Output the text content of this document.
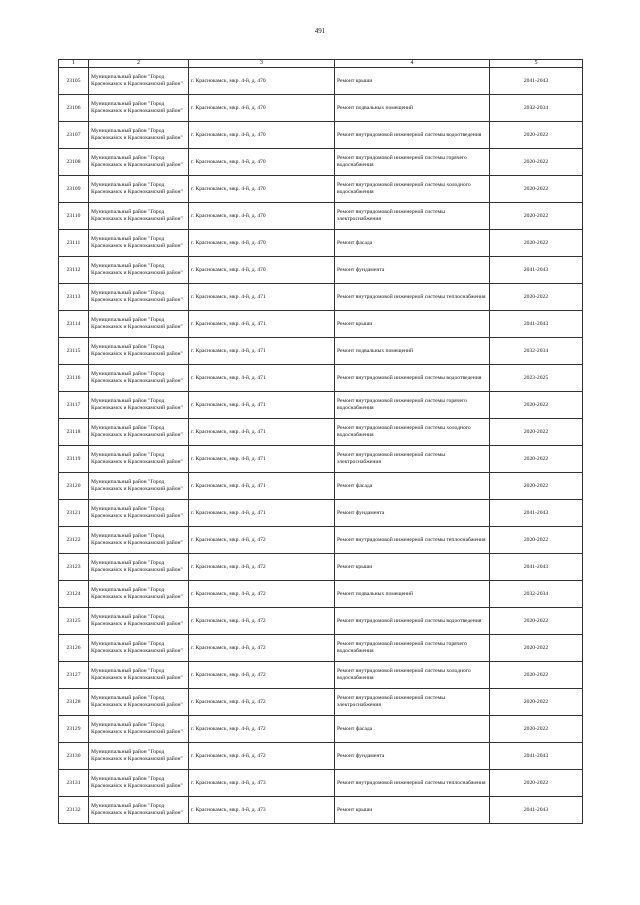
491
1	2	3	4	5
23105	Муниципальный район "Город Краснокамск и Краснокамский район"	г. Краснокамск, мкр. 4-й, д. 470	Ремонт крыши	2041-2043
23106	Муниципальный район "Город Краснокамск и Краснокамский район"	г. Краснокамск, мкр. 4-й, д. 470	Ремонт подвальных помещений	2032-2034
23107	Муниципальный район "Город Краснокамск и Краснокамский район"	г. Краснокамск, мкр. 4-й, д. 470	Ремонт внутридомовой инженерной системы водоотведения	2020-2022
23108	Муниципальный район "Город Краснокамск и Краснокамский район"	г. Краснокамск, мкр. 4-й, д. 470	Ремонт внутридомовой инженерной системы горячего водоснабжения	2020-2022
23109	Муниципальный район "Город Краснокамск и Краснокамский район"	г. Краснокамск, мкр. 4-й, д. 470	Ремонт внутридомовой инженерной системы холодного водоснабжения	2020-2022
23110	Муниципальный район "Город Краснокамск и Краснокамский район"	г. Краснокамск, мкр. 4-й, д. 470	Ремонт внутридомовой инженерной системы электроснабжения	2020-2022
23111	Муниципальный район "Город Краснокамск и Краснокамский район"	г. Краснокамск, мкр. 4-й, д. 470	Ремонт фасада	2020-2022
23112	Муниципальный район "Город Краснокамск и Краснокамский район"	г. Краснокамск, мкр. 4-й, д. 470	Ремонт фундамента	2041-2043
23113	Муниципальный район "Город Краснокамск и Краснокамский район"	г. Краснокамск, мкр. 4-й, д. 471	Ремонт внутридомовой инженерной системы теплоснабжения	2020-2022
23114	Муниципальный район "Город Краснокамск и Краснокамский район"	г. Краснокамск, мкр. 4-й, д. 471	Ремонт крыши	2041-2043
23115	Муниципальный район "Город Краснокамск и Краснокамский район"	г. Краснокамск, мкр. 4-й, д. 471	Ремонт подвальных помещений	2032-2034
23116	Муниципальный район "Город Краснокамск и Краснокамский район"	г. Краснокамск, мкр. 4-й, д. 471	Ремонт внутридомовой инженерной системы водоотведения	2023-2025
23117	Муниципальный район "Город Краснокамск и Краснокамский район"	г. Краснокамск, мкр. 4-й, д. 471	Ремонт внутридомовой инженерной системы горячего водоснабжения	2020-2022
23118	Муниципальный район "Город Краснокамск и Краснокамский район"	г. Краснокамск, мкр. 4-й, д. 471	Ремонт внутридомовой инженерной системы холодного водоснабжения	2020-2022
23119	Муниципальный район "Город Краснокамск и Краснокамский район"	г. Краснокамск, мкр. 4-й, д. 471	Ремонт внутридомовой инженерной системы электроснабжения	2020-2022
23120	Муниципальный район "Город Краснокамск и Краснокамский район"	г. Краснокамск, мкр. 4-й, д. 471	Ремонт фасада	2020-2022
23121	Муниципальный район "Город Краснокамск и Краснокамский район"	г. Краснокамск, мкр. 4-й, д. 471	Ремонт фундамента	2041-2043
23122	Муниципальный район "Город Краснокамск и Краснокамский район"	г. Краснокамск, мкр. 4-й, д. 472	Ремонт внутридомовой инженерной системы теплоснабжения	2020-2022
23123	Муниципальный район "Город Краснокамск и Краснокамский район"	г. Краснокамск, мкр. 4-й, д. 472	Ремонт крыши	2041-2043
23124	Муниципальный район "Город Краснокамск и Краснокамский район"	г. Краснокамск, мкр. 4-й, д. 472	Ремонт подвальных помещений	2032-2034
23125	Муниципальный район "Город Краснокамск и Краснокамский район"	г. Краснокамск, мкр. 4-й, д. 472	Ремонт внутридомовой инженерной системы водоотведения	2020-2022
23126	Муниципальный район "Город Краснокамск и Краснокамский район"	г. Краснокамск, мкр. 4-й, д. 472	Ремонт внутридомовой инженерной системы горячего водоснабжения	2020-2022
23127	Муниципальный район "Город Краснокамск и Краснокамский район"	г. Краснокамск, мкр. 4-й, д. 472	Ремонт внутридомовой инженерной системы холодного водоснабжения	2020-2022
23128	Муниципальный район "Город Краснокамск и Краснокамский район"	г. Краснокамск, мкр. 4-й, д. 472	Ремонт внутридомовой инженерной системы электроснабжения	2020-2022
23129	Муниципальный район "Город Краснокамск и Краснокамский район"	г. Краснокамск, мкр. 4-й, д. 472	Ремонт фасада	2020-2022
23130	Муниципальный район "Город Краснокамск и Краснокамский район"	г. Краснокамск, мкр. 4-й, д. 472	Ремонт фундамента	2041-2043
23131	Муниципальный район "Город Краснокамск и Краснокамский район"	г. Краснокамск, мкр. 4-й, д. 473	Ремонт внутридомовой инженерной системы теплоснабжения	2020-2022
23132	Муниципальный район "Город Краснокамск и Краснокамский район"	г. Краснокамск, мкр. 4-й, д. 473	Ремонт крыши	2041-2043
